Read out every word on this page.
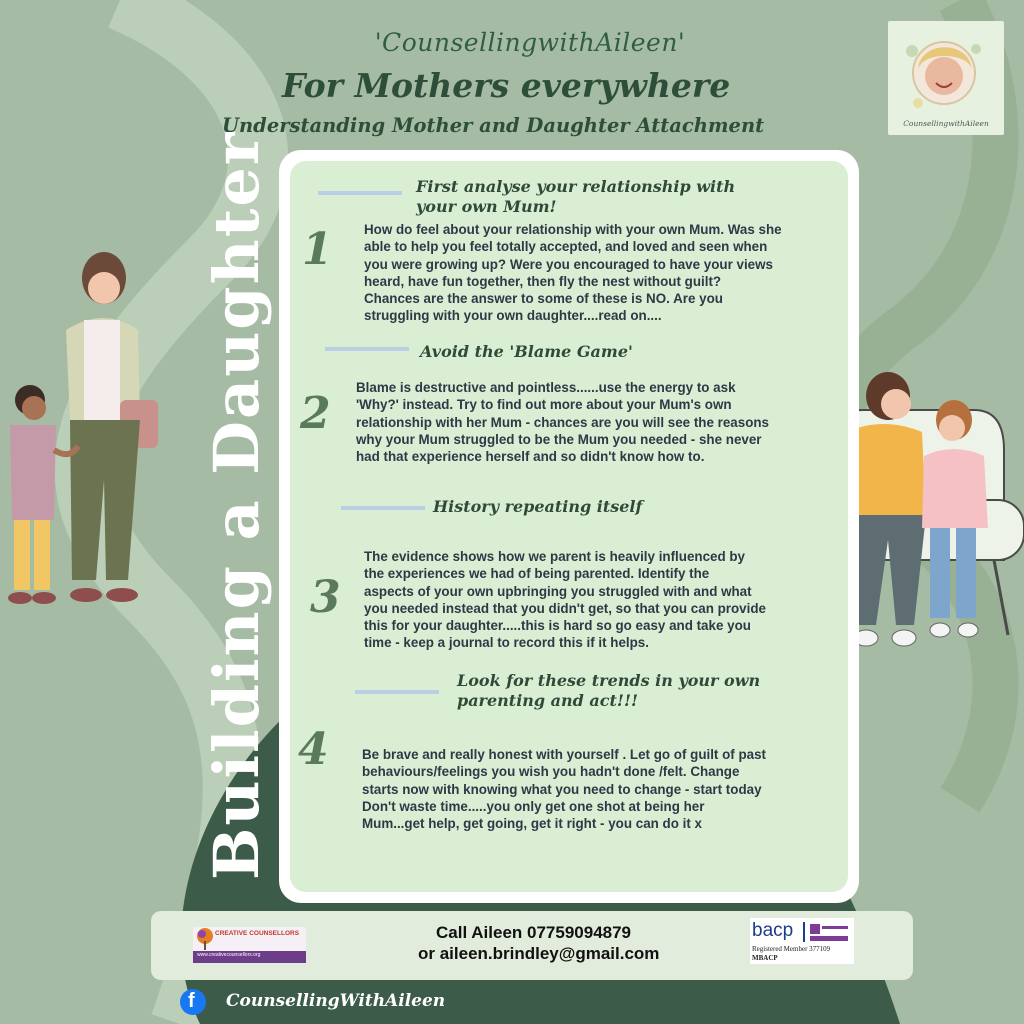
'CounsellingwithAileen'
For Mothers everywhere
Understanding Mother and Daughter Attachment
Building a Daughter
CounsellingwithAileen
First analyse your relationship with
your own Mum!
1 How do feel about your relationship with your own Mum. Was she
able to help you feel totally accepted, and loved and seen when
you were growing up? Were you encouraged to have your views
heard, have fun together, then fly the nest without guilt?
Chances are the answer to some of these is NO. Are you
struggling with your own daughter....read on....
Avoid the 'Blame Game'
2
Blame is destructive and pointless......use the energy to ask
'Why?' instead. Try to find out more about your Mum's own
relationship with her Mum - chances are you will see the reasons
why your Mum struggled to be the Mum you needed - she never
had that experience herself and so didn't know how to.
History repeating itself
3
The evidence shows how we parent is heavily influenced by
the experiences we had of being parented. Identify the
aspects of your own upbringing you struggled with and what
you needed instead that you didn't get, so that you can provide
this for your daughter.....this is hard so go easy and take you
time - keep a journal to record this if it helps.
Look for these trends in your own
parenting and act!!!
4 Be brave and really honest with yourself . Let go of guilt of past
behaviours/feelings you wish you hadn't done /felt. Change
starts now with knowing what you need to change - start today
Don't waste time.....you only get one shot at being her
Mum...get help, get going, get it right - you can do it x
CREATIVE COUNSELLORS
www.creativecounsellors.org
Call Aileen 07759094879
or aileen.brindley@gmail.com
bacp
Registered Member 377109
MBACP
f CounsellingWithAileen
